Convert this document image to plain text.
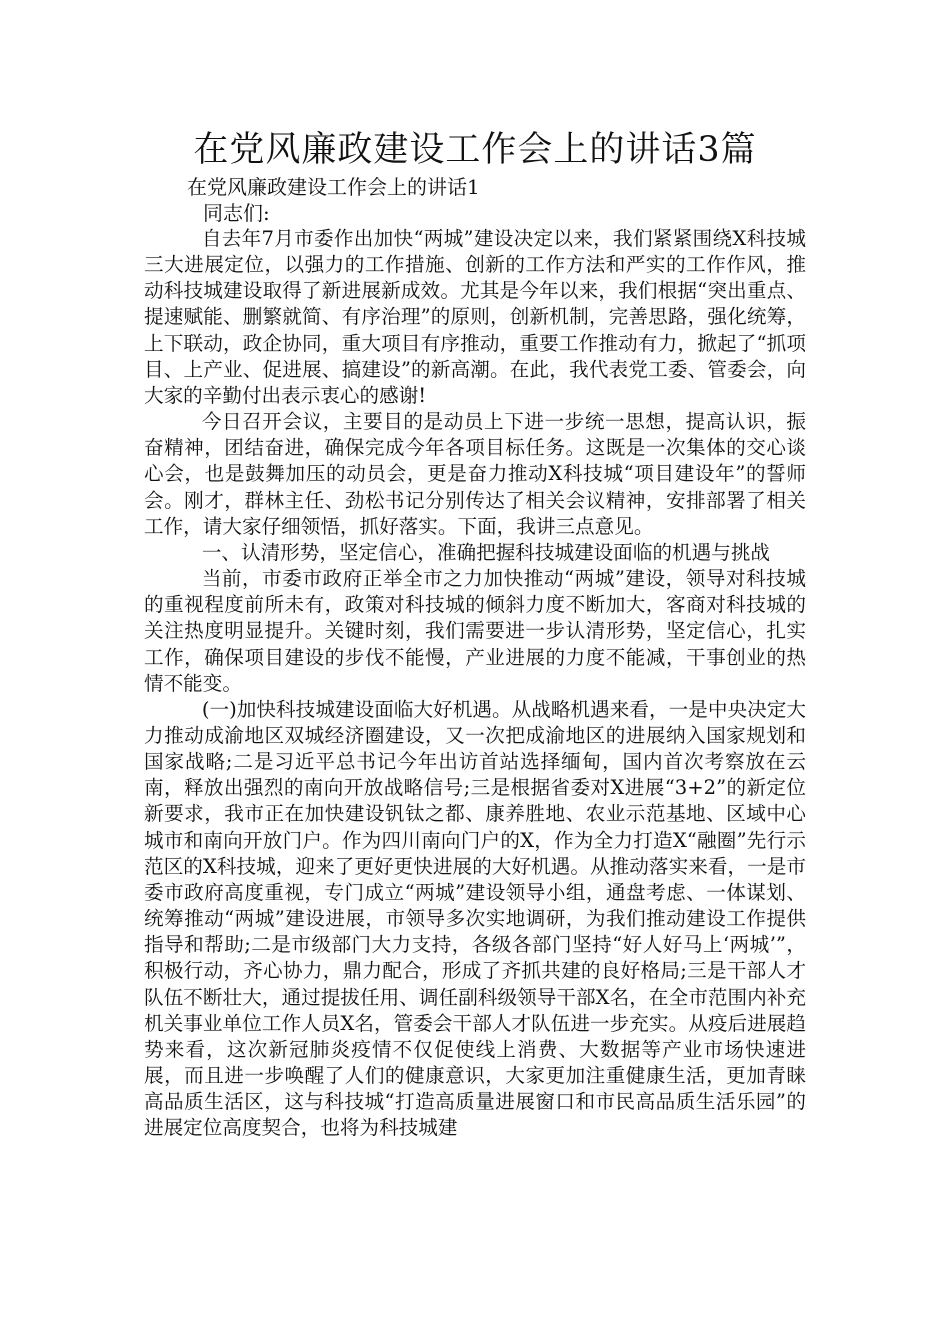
在党风廉政建设工作会上的讲话3篇
在党风廉政建设工作会上的讲话1
同志们:

自去年7月市委作出加快“两城”建设决定以来，我们紧紧围绕X科技城三大进展定位，以强力的工作措施、创新的工作方法和严实的工作作风，推动科技城建设取得了新进展新成效。尤其是今年以来，我们根据“突出重点、提速赋能、删繁就简、有序治理”的原则，创新机制，完善思路，强化统筹，上下联动，政企协同，重大项目有序推动，重要工作推动有力，掀起了“抓项目、上产业、促进展、搞建设”的新高潮。在此，我代表党工委、管委会，向大家的辛勤付出表示衷心的感谢!

今日召开会议，主要目的是动员上下进一步统一思想，提高认识，振奋精神，团结奋进，确保完成今年各项目标任务。这既是一次集体的交心谈心会，也是鼓舞加压的动员会，更是奋力推动X科技城“项目建设年”的誓师会。刚才，群林主任、劲松书记分别传达了相关会议精神，安排部署了相关工作，请大家仔细领悟，抓好落实。下面，我讲三点意见。

一、认清形势，坚定信心，准确把握科技城建设面临的机遇与挑战

当前，市委市政府正举全市之力加快推动“两城”建设，领导对科技城的重视程度前所未有，政策对科技城的倾斜力度不断加大，客商对科技城的关注热度明显提升。关键时刻，我们需要进一步认清形势，坚定信心，扎实工作，确保项目建设的步伐不能慢，产业进展的力度不能减，干事创业的热情不能变。

(一)加快科技城建设面临大好机遇。从战略机遇来看，一是中央决定大力推动成渝地区双城经济圈建设，又一次把成渝地区的进展纳入国家规划和国家战略;二是习近平总书记今年出访首站选择缅甸，国内首次考察放在云南，释放出强烈的南向开放战略信号;三是根据省委对X进展“3+2”的新定位新要求，我市正在加快建设钒钛之都、康养胜地、农业示范基地、区域中心城市和南向开放门户。作为四川南向门户的X，作为全力打造X“融圈”先行示范区的X科技城，迎来了更好更快进展的大好机遇。从推动落实来看，一是市委市政府高度重视，专门成立“两城”建设领导小组，通盘考虑、一体谋划、统筹推动“两城”建设进展，市领导多次实地调研，为我们推动建设工作提供指导和帮助;二是市级部门大力支持，各级各部门坚持“好人好马上‘两城’”，积极行动，齐心协力，鼎力配合，形成了齐抓共建的良好格局;三是干部人才队伍不断壮大，通过提拔任用、调任副科级领导干部X名，在全市范围内补充机关事业单位工作人员X名，管委会干部人才队伍进一步充实。从疫后进展趋势来看，这次新冠肺炎疫情不仅促使线上消费、大数据等产业市场快速进展，而且进一步唤醒了人们的健康意识，大家更加注重健康生活，更加青睐高品质生活区，这与科技城“打造高质量进展窗口和市民高品质生活乐园”的进展定位高度契合，也将为科技城建
